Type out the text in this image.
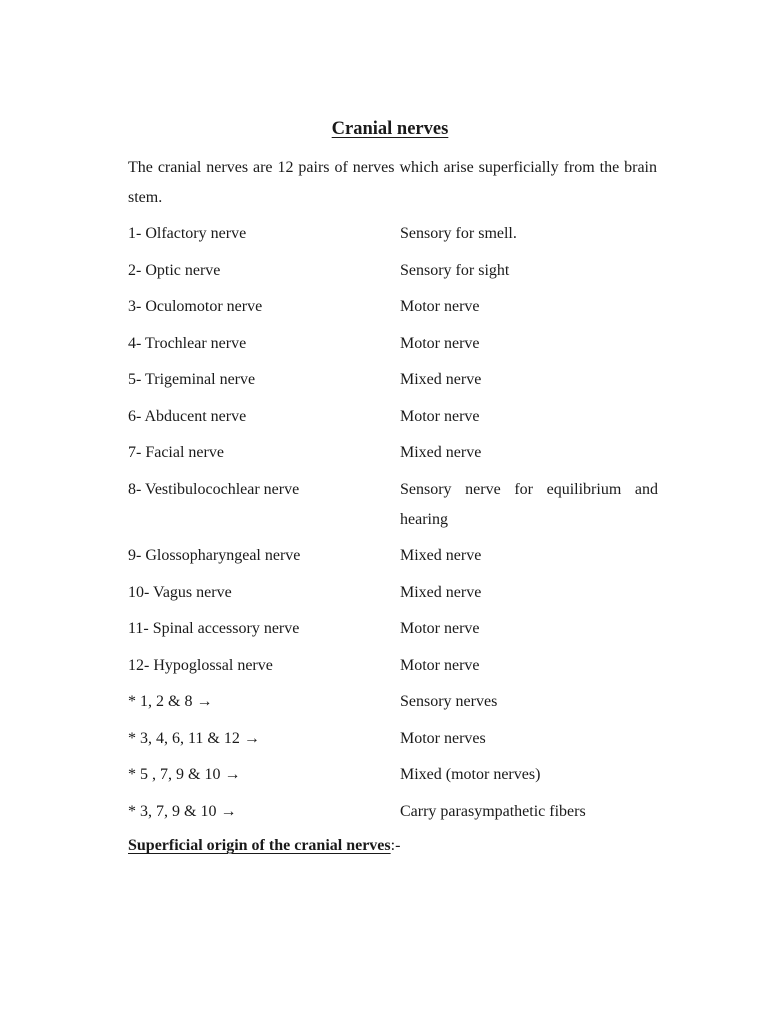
Cranial nerves

The cranial nerves are 12 pairs of nerves which arise superficially from the brain stem.

1- Olfactory nerve	Sensory for smell.
2- Optic nerve	Sensory for sight
3- Oculomotor nerve	Motor nerve
4- Trochlear nerve	Motor nerve
5- Trigeminal nerve	Mixed nerve
6- Abducent nerve	Motor nerve
7- Facial nerve	Mixed nerve
8- Vestibulocochlear nerve	Sensory nerve for equilibrium and hearing
9- Glossopharyngeal nerve	Mixed nerve
10- Vagus nerve	Mixed nerve
11- Spinal accessory nerve	Motor nerve
12- Hypoglossal nerve	Motor nerve
* 1, 2 & 8 →	Sensory nerves
* 3, 4, 6, 11 & 12 →	Motor nerves
* 5 , 7, 9 & 10 →	Mixed (motor nerves)
* 3, 7, 9 & 10 →	Carry parasympathetic fibers

Superficial origin of the cranial nerves:-
